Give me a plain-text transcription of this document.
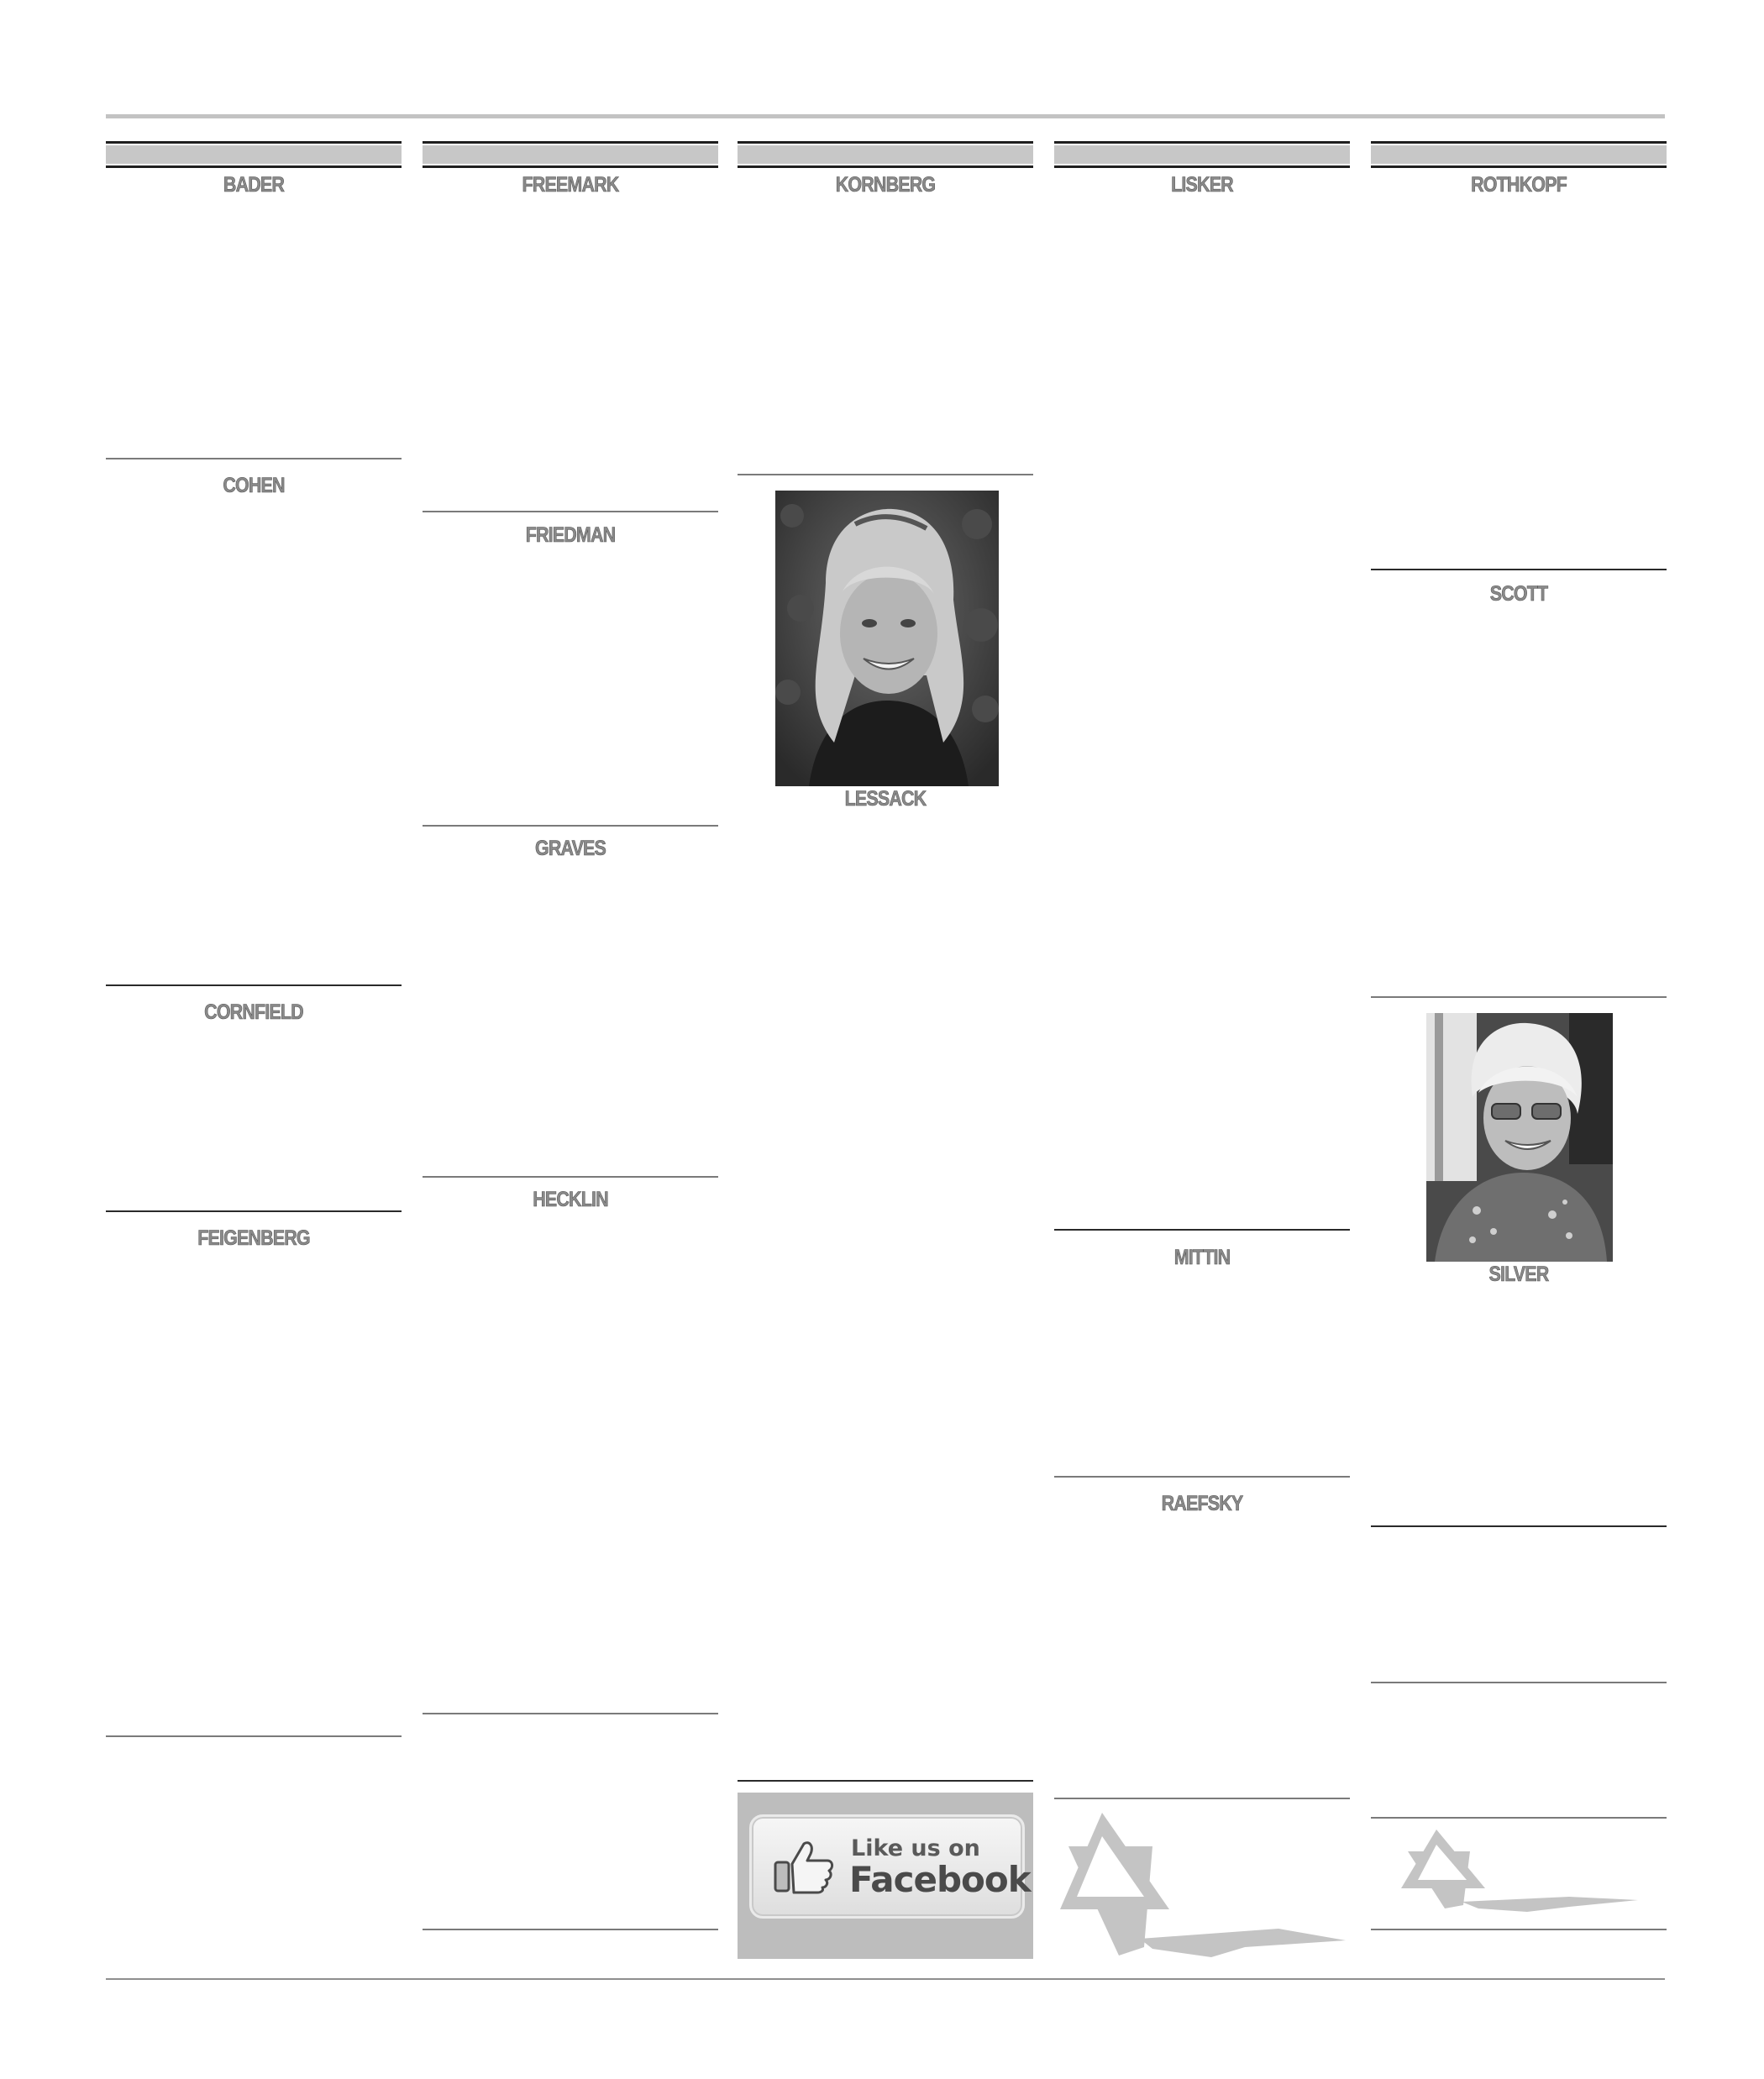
BADER
COHEN
CORNFIELD
FEIGENBERG
FREEMARK
FRIEDMAN
GRAVES
HECKLIN
KORNBERG
LESSACK
Like us on
Facebook
LISKER
MITTIN
RAEFSKY
ROTHKOPF
SCOTT
SILVER
